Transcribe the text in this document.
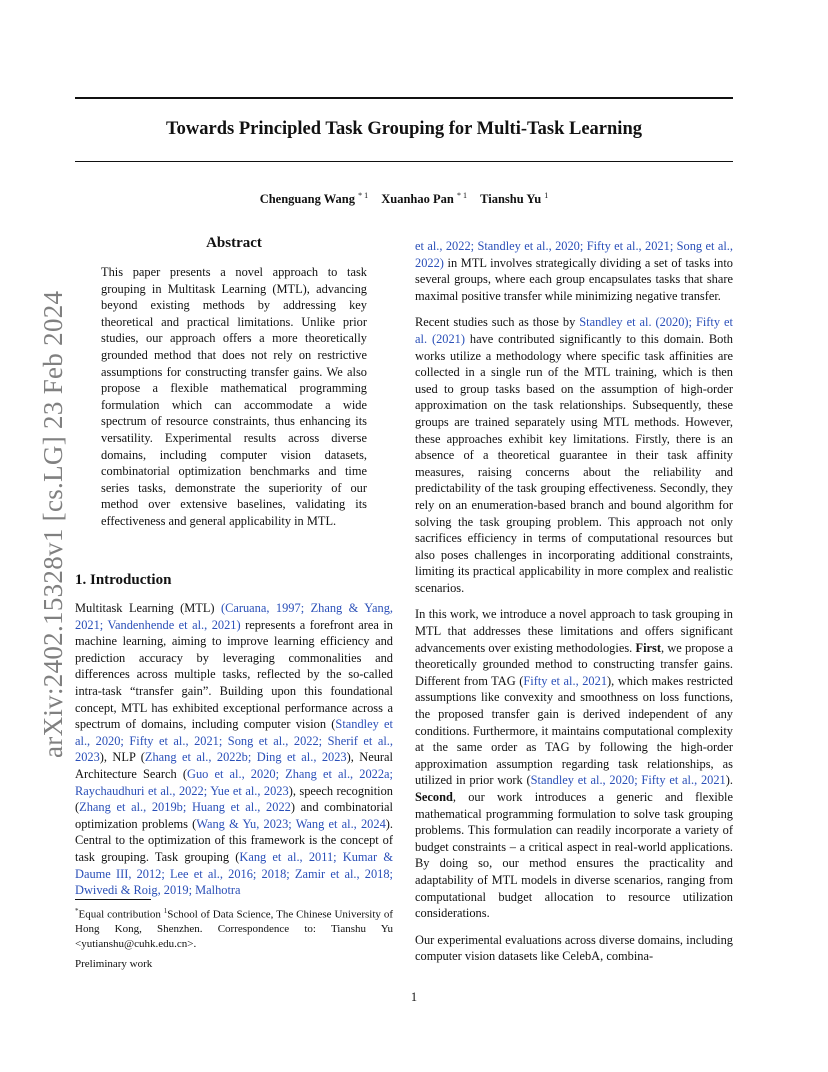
Towards Principled Task Grouping for Multi-Task Learning
Chenguang Wang $^{* 1}$ Xuanhao Pan $^{* 1}$ Tianshu Yu $^1$
arXiv:2402.15328v1 [cs.LG] 23 Feb 2024
Abstract

This paper presents a novel approach to task grouping in Multitask Learning (MTL), advancing beyond existing methods by addressing key theoretical and practical limitations. Unlike prior studies, our approach offers a more theoretically grounded method that does not rely on restrictive assumptions for constructing transfer gains. We also propose a flexible mathematical programming formulation which can accommodate a wide spectrum of resource constraints, thus enhancing its versatility. Experimental results across diverse domains, including computer vision datasets, combinatorial optimization benchmarks and time series tasks, demonstrate the superiority of our method over extensive baselines, validating its effectiveness and general applicability in MTL.

1. Introduction

Multitask Learning (MTL) (Caruana, 1997; Zhang & Yang, 2021; Vandenhende et al., 2021) represents a forefront area in machine learning, aiming to improve learning efficiency and prediction accuracy by leveraging commonalities and differences across multiple tasks, reflected by the so-called intra-task “transfer gain”. Building upon this foundational concept, MTL has exhibited exceptional performance across a spectrum of domains, including computer vision (Standley et al., 2020; Fifty et al., 2021; Song et al., 2022; Sherif et al., 2023), NLP (Zhang et al., 2022b; Ding et al., 2023), Neural Architecture Search (Guo et al., 2020; Zhang et al., 2022a; Raychaudhuri et al., 2022; Yue et al., 2023), speech recognition (Zhang et al., 2019b; Huang et al., 2022) and combinatorial optimization problems (Wang & Yu, 2023; Wang et al., 2024). Central to the optimization of this framework is the concept of task grouping. Task grouping (Kang et al., 2011; Kumar & Daume III, 2012; Lee et al., 2016; 2018; Zamir et al., 2018; Dwivedi & Roig, 2019; Malhotra

*Equal contribution $^1$School of Data Science, The Chinese University of Hong Kong, Shenzhen. Correspondence to: Tianshu Yu <yutianshu@cuhk.edu.cn>.

Preliminary work

et al., 2022; Standley et al., 2020; Fifty et al., 2021; Song et al., 2022) in MTL involves strategically dividing a set of tasks into several groups, where each group encapsulates tasks that share maximal positive transfer while minimizing negative transfer.

Recent studies such as those by Standley et al. (2020); Fifty et al. (2021) have contributed significantly to this domain. Both works utilize a methodology where specific task affinities are collected in a single run of the MTL training, which is then used to group tasks based on the assumption of high-order approximation on the task relationships. Subsequently, these groups are trained separately using MTL methods. However, these approaches exhibit key limitations. Firstly, there is an absence of a theoretical guarantee in their task affinity measures, raising concerns about the reliability and predictability of the task grouping effectiveness. Secondly, they rely on an enumeration-based branch and bound algorithm for solving the task grouping problem. This approach not only sacrifices efficiency in terms of computational resources but also poses challenges in incorporating additional constraints, limiting its practical applicability in more complex and realistic scenarios.

In this work, we introduce a novel approach to task grouping in MTL that addresses these limitations and offers significant advancements over existing methodologies. First, we propose a theoretically grounded method to constructing transfer gains. Different from TAG (Fifty et al., 2021), which makes restricted assumptions like convexity and smoothness on loss functions, the proposed transfer gain is derived independent of any conditions. Furthermore, it maintains computational complexity at the same order as TAG by following the high-order approximation assumption regarding task relationships, as utilized in prior work (Standley et al., 2020; Fifty et al., 2021). Second, our work introduces a generic and flexible mathematical programming formulation to solve task grouping problems. This formulation can readily incorporate a variety of budget constraints – a critical aspect in real-world applications. By doing so, our method ensures the practicality and adaptability of MTL models in diverse scenarios, ranging from computational budget allocation to resource utilization considerations.

Our experimental evaluations across diverse domains, including computer vision datasets like CelebA, combina-

1
